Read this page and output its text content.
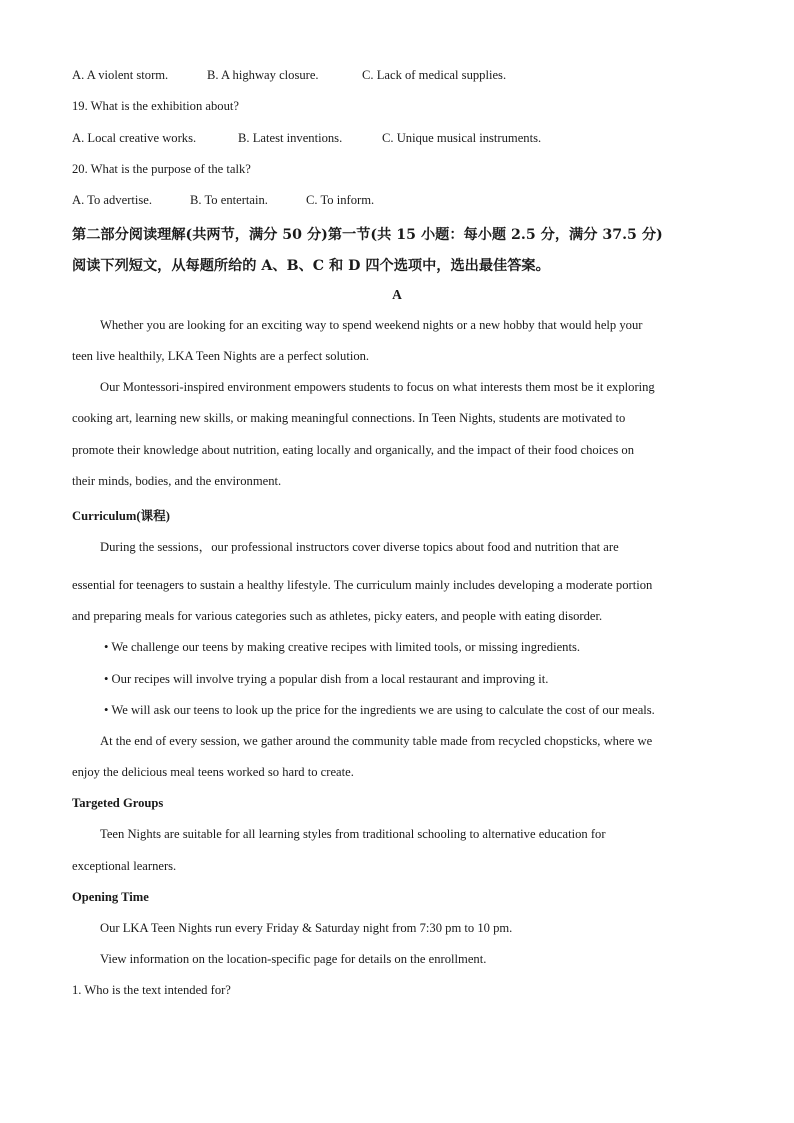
A. A violent storm.	B. A highway closure.	C. Lack of medical supplies.
19. What is the exhibition about?
A. Local creative works.	B. Latest inventions.	C. Unique musical instruments.
20. What is the purpose of the talk?
A. To advertise.	B. To entertain.	C. To inform.
第二部分阅读理解(共两节，满分 50 分)第一节(共 15 小题：每小题 2.5 分，满分 37.5 分)
阅读下列短文，从每题所给的 A、B、C 和 D 四个选项中，选出最佳答案。
A
Whether you are looking for an exciting way to spend weekend nights or a new hobby that would help your
teen live healthily, LKA Teen Nights are a perfect solution.
Our Montessori-inspired environment empowers students to focus on what interests them most be it exploring
cooking art, learning new skills, or making meaningful connections. In Teen Nights, students are motivated to
promote their knowledge about nutrition, eating locally and organically, and the impact of their food choices on
their minds, bodies, and the environment.
Curriculum(课程)
During the sessions，our professional instructors cover diverse topics about food and nutrition that are
essential for teenagers to sustain a healthy lifestyle. The curriculum mainly includes developing a moderate portion
and preparing meals for various categories such as athletes, picky eaters, and people with eating disorder.
• We challenge our teens by making creative recipes with limited tools, or missing ingredients.
• Our recipes will involve trying a popular dish from a local restaurant and improving it.
• We will ask our teens to look up the price for the ingredients we are using to calculate the cost of our meals.
At the end of every session, we gather around the community table made from recycled chopsticks, where we
enjoy the delicious meal teens worked so hard to create.
Targeted Groups
Teen Nights are suitable for all learning styles from traditional schooling to alternative education for
exceptional learners.
Opening Time
Our LKA Teen Nights run every Friday & Saturday night from 7:30 pm to 10 pm.
View information on the location-specific page for details on the enrollment.
1. Who is the text intended for?
